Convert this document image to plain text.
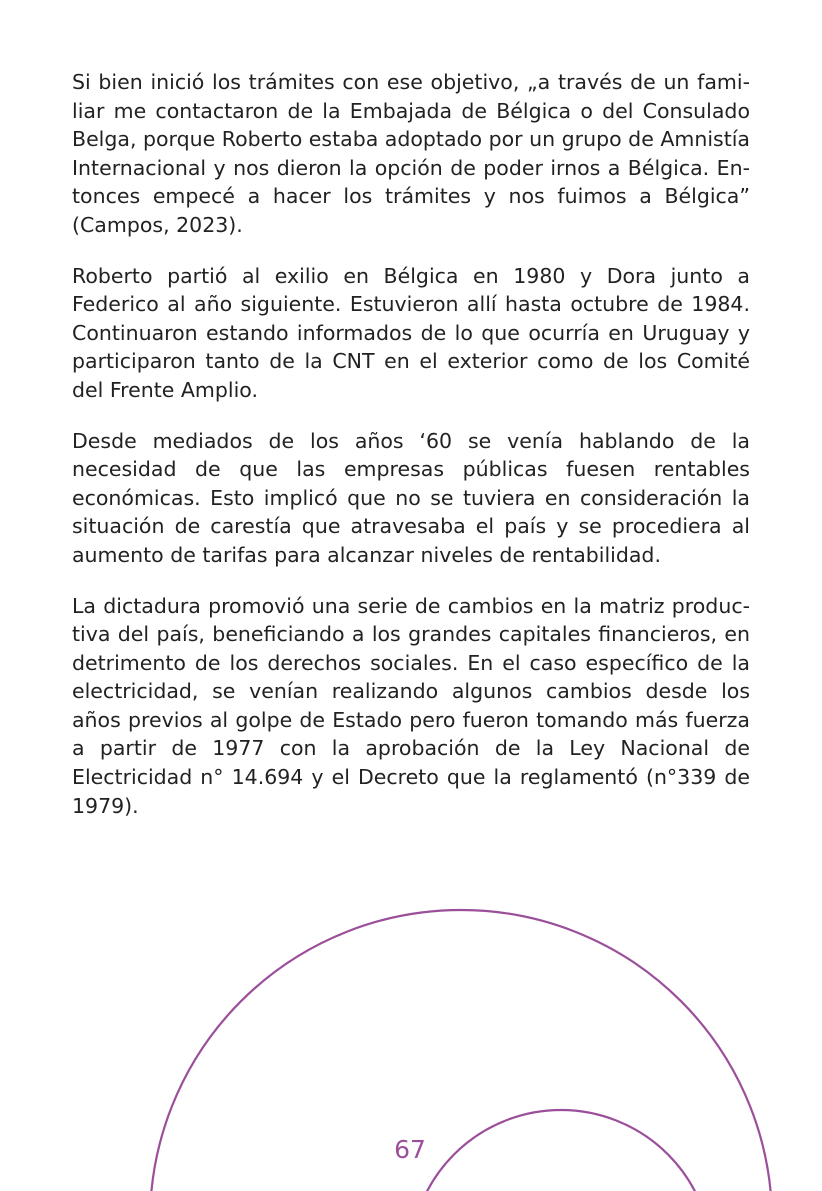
Si bien inició los trámites con ese objetivo, „a través de un familiar me contactaron de la Embajada de Bélgica o del Consulado Belga, porque Roberto estaba adoptado por un grupo de Amnistía Internacional y nos dieron la opción de poder irnos a Bélgica. Entonces empecé a hacer los trámites y nos fuimos a Bélgica” (Campos, 2023).

Roberto partió al exilio en Bélgica en 1980 y Dora junto a Federico al año siguiente. Estuvieron allí hasta octubre de 1984. Continuaron estando informados de lo que ocurría en Uruguay y participaron tanto de la CNT en el exterior como de los Comité del Frente Amplio.

Desde mediados de los años ‘60 se venía hablando de la necesidad de que las empresas públicas fuesen rentables económicas. Esto implicó que no se tuviera en consideración la situación de carestía que atravesaba el país y se procediera al aumento de tarifas para alcanzar niveles de rentabilidad.

La dictadura promovió una serie de cambios en la matriz productiva del país, beneficiando a los grandes capitales financieros, en detrimento de los derechos sociales. En el caso específico de la electricidad, se venían realizando algunos cambios desde los años previos al golpe de Estado pero fueron tomando más fuerza a partir de 1977 con la aprobación de la Ley Nacional de Electricidad n° 14.694 y el Decreto que la reglamentó (n°339 de 1979).

67
